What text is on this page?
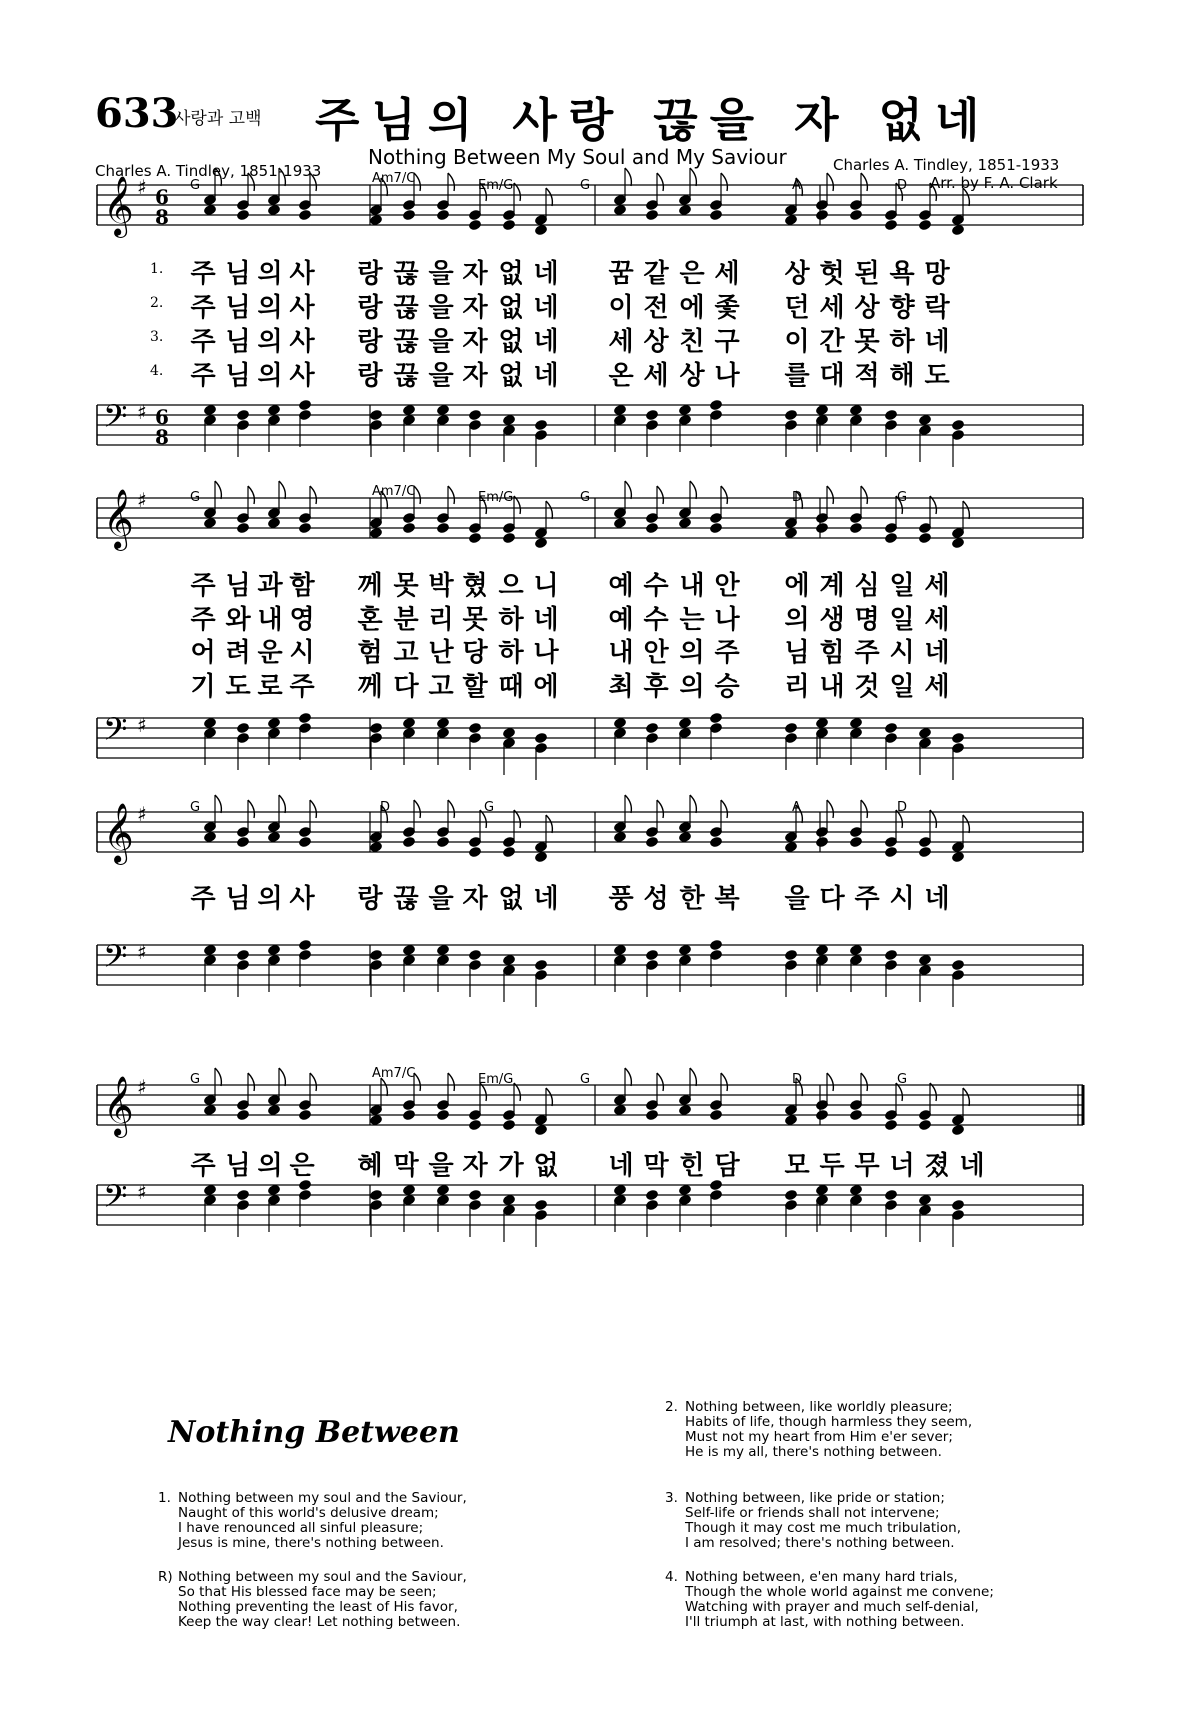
633
사랑과 고백 주님의 사랑 끊을 자 없네
Nothing Between My Soul and My Saviour
Charles A. Tindley, 1851-1933	Charles A. Tindley, 1851-1933
Arr. by F. A. Clark
𝄞 ♯ 6
8
𝄢 ♯ 6
8
𝄞 ♯
𝄢 ♯
𝄞 ♯
𝄢 ♯
𝄞 ♯
𝄢 ♯
주 님 의 사 랑 끊 을 자 없 네 꿈 같 은 세 상 헛 된 욕 망
1.
주 님 의 사 랑 끊 을 자 없 네 이 전 에 좇 던 세 상 향 락
2.
주 님 의 사 랑 끊 을 자 없 네 세 상 친 구 이 간 못 하 네
3.
주 님 의 사 랑 끊 을 자 없 네 온 세 상 나 를 대 적 해 도
4.
주 님 과 함 께 못 박 혔 으 니 예 수 내 안 에 계 심 일 세
주 와 내 영 혼 분 리 못 하 네 예 수 는 나 의 생 명 일 세
어 려 운 시 험 고 난 당 하 나 내 안 의 주 님 힘 주 시 네
기 도 로 주 께 다 고 할 때 에 최 후 의 승 리 내 것 일 세
주 님 의 사 랑 끊 을 자 없 네 풍 성 한 복 을 다 주 시 네
주 님 의 은 혜 막 을 자 가 없 네 막 힌 담 모 두 무 너 졌 네
G	Am7/C	Em/G	G	A	D
G	Am7/C	Em/G	G	D	G
G	D	G	A	D
G	Am7/C	Em/G	G	D	G
Nothing Between
1. Nothing between my soul and the Saviour,
Naught of this world's delusive dream;
I have renounced all sinful pleasure;
Jesus is mine, there's nothing between.
R) Nothing between my soul and the Saviour,
So that His blessed face may be seen;
Nothing preventing the least of His favor,
Keep the way clear! Let nothing between.
2. Nothing between, like worldly pleasure;
Habits of life, though harmless they seem,
Must not my heart from Him e'er sever;
He is my all, there's nothing between.
3. Nothing between, like pride or station;
Self-life or friends shall not intervene;
Though it may cost me much tribulation,
I am resolved; there's nothing between.
4. Nothing between, e'en many hard trials,
Though the whole world against me convene;
Watching with prayer and much self-denial,
I'll triumph at last, with nothing between.
